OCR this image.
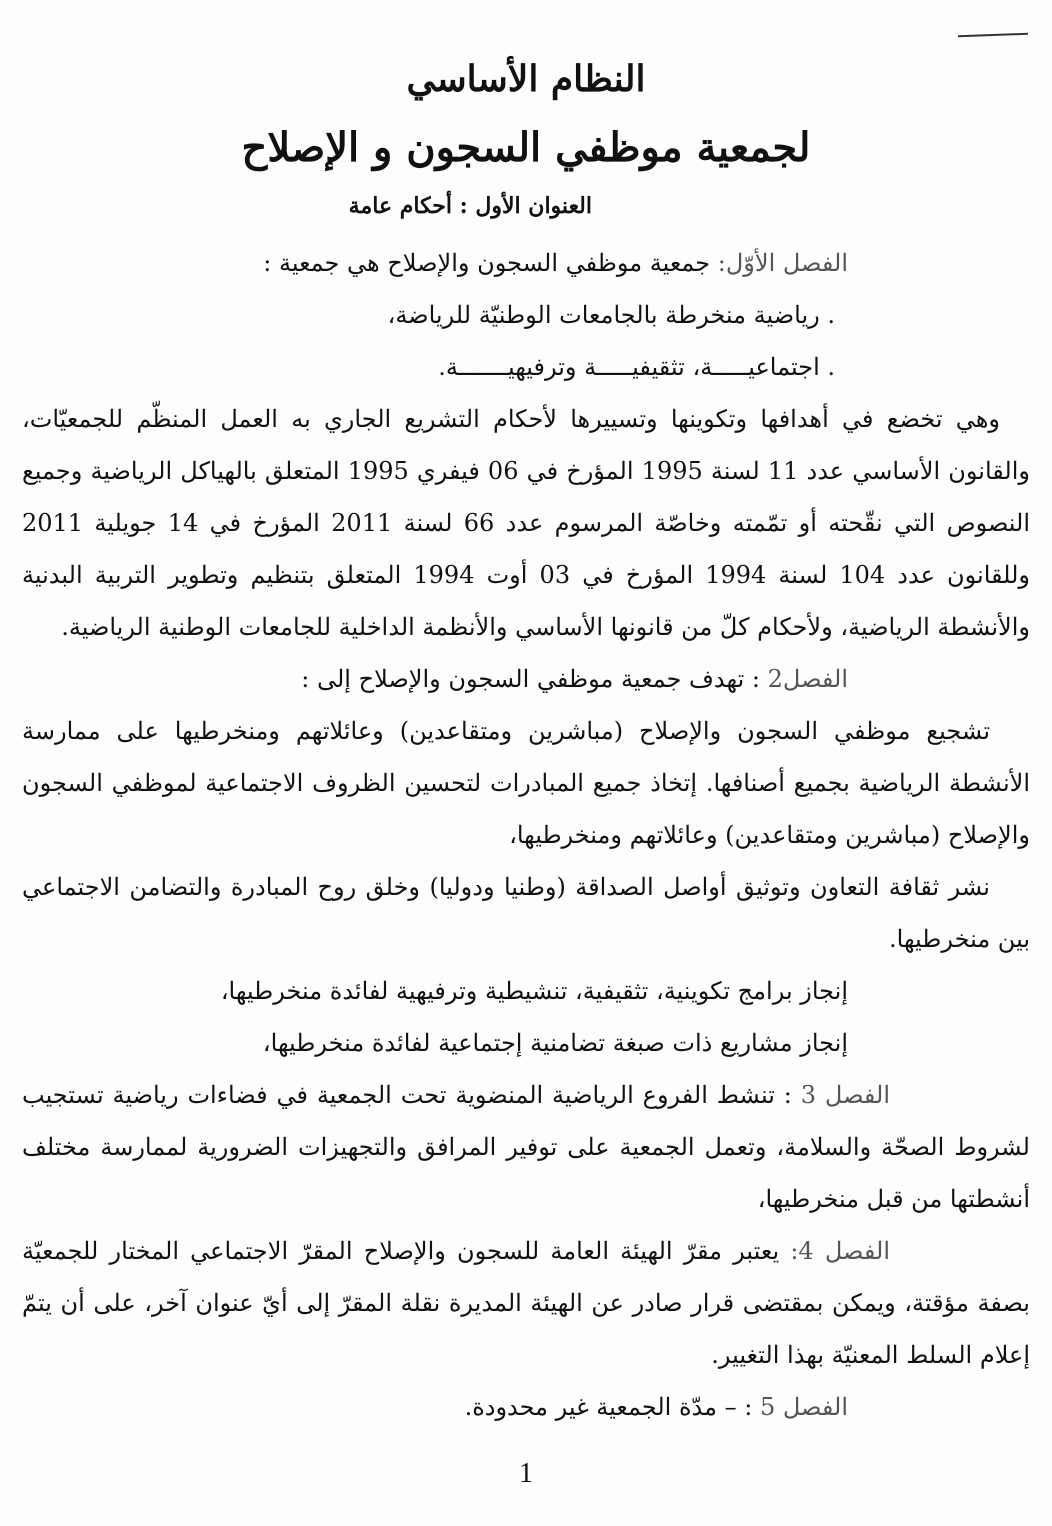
النظام الأساسي
لجمعية موظفي السجون و الإصلاح
العنوان الأول : أحكام عامة

الفصل الأوّل: جمعية موظفي السجون والإصلاح هي جمعية :

. رياضية منخرطة بالجامعات الوطنيّة للرياضة،

. اجتماعيـــــة، تثقيفيـــــة وترفيهيـــــــة.

وهي تخضع في أهدافها وتكوينها وتسييرها لأحكام التشريع الجاري به العمل المنظّم للجمعيّات، والقانون الأساسي عدد 11 لسنة 1995 المؤرخ في 06 فيفري 1995 المتعلق بالهياكل الرياضية وجميع النصوص التي نقّحته أو تمّمته وخاصّة المرسوم عدد 66 لسنة 2011 المؤرخ في 14 جويلية 2011 وللقانون عدد 104 لسنة 1994 المؤرخ في 03 أوت 1994 المتعلق بتنظيم وتطوير التربية البدنية والأنشطة الرياضية، ولأحكام كلّ من قانونها الأساسي والأنظمة الداخلية للجامعات الوطنية الرياضية.

الفصل2 : تهدف جمعية موظفي السجون والإصلاح إلى :

تشجيع موظفي السجون والإصلاح (مباشرين ومتقاعدين) وعائلاتهم ومنخرطيها على ممارسة الأنشطة الرياضية بجميع أصنافها. إتخاذ جميع المبادرات لتحسين الظروف الاجتماعية لموظفي السجون والإصلاح (مباشرين ومتقاعدين) وعائلاتهم ومنخرطيها،

نشر ثقافة التعاون وتوثيق أواصل الصداقة (وطنيا ودوليا) وخلق روح المبادرة والتضامن الاجتماعي بين منخرطيها.

إنجاز برامج تكوينية، تثقيفية، تنشيطية وترفيهية لفائدة منخرطيها،

إنجاز مشاريع ذات صبغة تضامنية إجتماعية لفائدة منخرطيها،

الفصل 3 : تنشط الفروع الرياضية المنضوية تحت الجمعية في فضاءات رياضية تستجيب لشروط الصحّة والسلامة، وتعمل الجمعية على توفير المرافق والتجهيزات الضرورية لممارسة مختلف أنشطتها من قبل منخرطيها،

الفصل 4: يعتبر مقرّ الهيئة العامة للسجون والإصلاح المقرّ الاجتماعي المختار للجمعيّة بصفة مؤقتة، ويمكن بمقتضى قرار صادر عن الهيئة المديرة نقلة المقرّ إلى أيّ عنوان آخر، على أن يتمّ إعلام السلط المعنيّة بهذا التغيير.

الفصل 5 : – مدّة الجمعية غير محدودة.

1
